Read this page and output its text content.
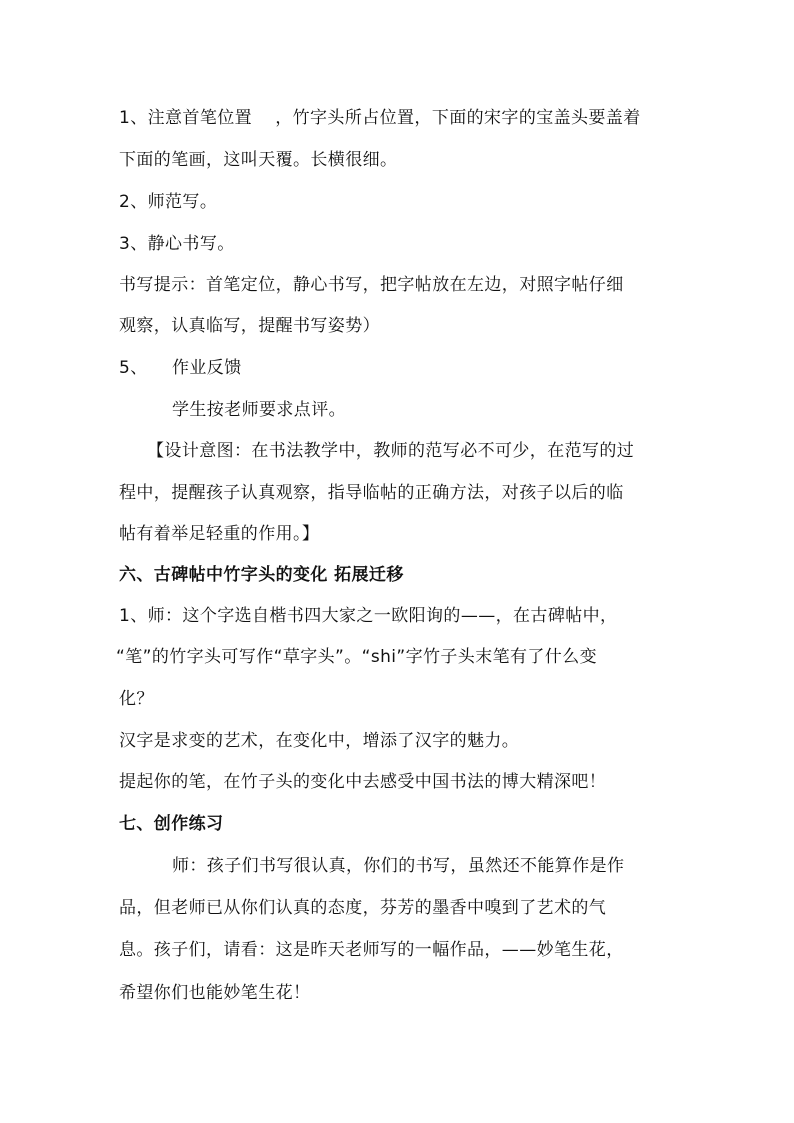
1、注意首笔位置　 ，竹字头所占位置，下面的宋字的宝盖头要盖着
下面的笔画，这叫天覆。长横很细。
2、师范写。
3、静心书写。
书写提示：首笔定位，静心书写，把字帖放在左边，对照字帖仔细
观察，认真临写，提醒书写姿势）
5、 作业反馈
学生按老师要求点评。
【设计意图：在书法教学中，教师的范写必不可少，在范写的过
程中，提醒孩子认真观察，指导临帖的正确方法，对孩子以后的临
帖有着举足轻重的作用。】
六、古碑帖中竹字头的变化 拓展迁移
1、师：这个字选自楷书四大家之一欧阳询的——，在古碑帖中，
“笔”的竹字头可写作“草字头”。“shi”字竹子头末笔有了什么变
化？
汉字是求变的艺术，在变化中，增添了汉字的魅力。
提起你的笔，在竹子头的变化中去感受中国书法的博大精深吧！
七、创作练习
师：孩子们书写很认真，你们的书写，虽然还不能算作是作
品，但老师已从你们认真的态度，芬芳的墨香中嗅到了艺术的气
息。孩子们，请看：这是昨天老师写的一幅作品，——妙笔生花，
希望你们也能妙笔生花！
